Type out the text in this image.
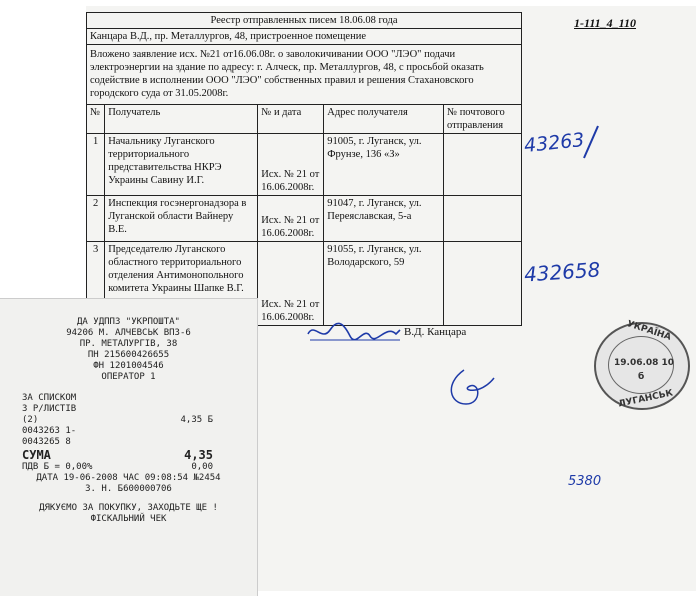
1-111_4_110
Реестр отправленных писем 18.06.08 года				
Канцара В.Д., пр. Металлургов, 48, пристроенное помещение				
Вложено заявление исх. №21 от16.06.08г. о заволокичивании ООО "ЛЭО" подачи электроэнергии на здание по адресу: г. Алческ, пр. Металлургов, 48, с просьбой оказать содействие в исполнении ООО "ЛЭО" собственных правил и решения Стахановского городского суда от 31.05.2008г.				
№	Получатель	№ и дата	Адрес получателя	№ почтового отправления
1	Начальнику Луганского территориального представительства НКРЭ Украины Савину И.Г.	Исх. № 21 от 16.06.2008г.	91005, г. Луганск, ул. Фрунзе, 136 «З»	
2	Инспекция госэнергонадзора в Луганской области Вайнеру В.Е.	Исх. № 21 от 16.06.2008г.	91047, г. Луганск, ул. Переяславская, 5-а	
3	Председателю Луганского областного территориального отделения Антимонопольного комитета Украины Шапке В.Г.	Исх. № 21 от 16.06.2008г.	91055, г. Луганск, ул. Володарского, 59	
43263
432658
В.Д. Канцара
5380
УКРАЇНА
19.06.08 10
б
ЛУГАНСЬК
ДА УДППЗ "УКРПОШТА"
94206 М. АЛЧЕВСЬК ВПЗ-6
ПР. МЕТАЛУРГІВ, 38
ПН 215600426655
ФН 1201004546
ОПЕРАТОР 1
ЗА СПИСКОМ
3 Р/ЛИСТІВ
(2)	4,35 Б
0043263 1-
0043265 8
СУМА	4,35
ПДВ Б = 0,00%	0,00
ДАТА 19-06-2008 ЧАС 09:08:54 №2454
З. Н. Б600000706
ДЯКУЄМО ЗА ПОКУПКУ, ЗАХОДЬТЕ ЩЕ !
ФІСКАЛЬНИЙ ЧЕК
